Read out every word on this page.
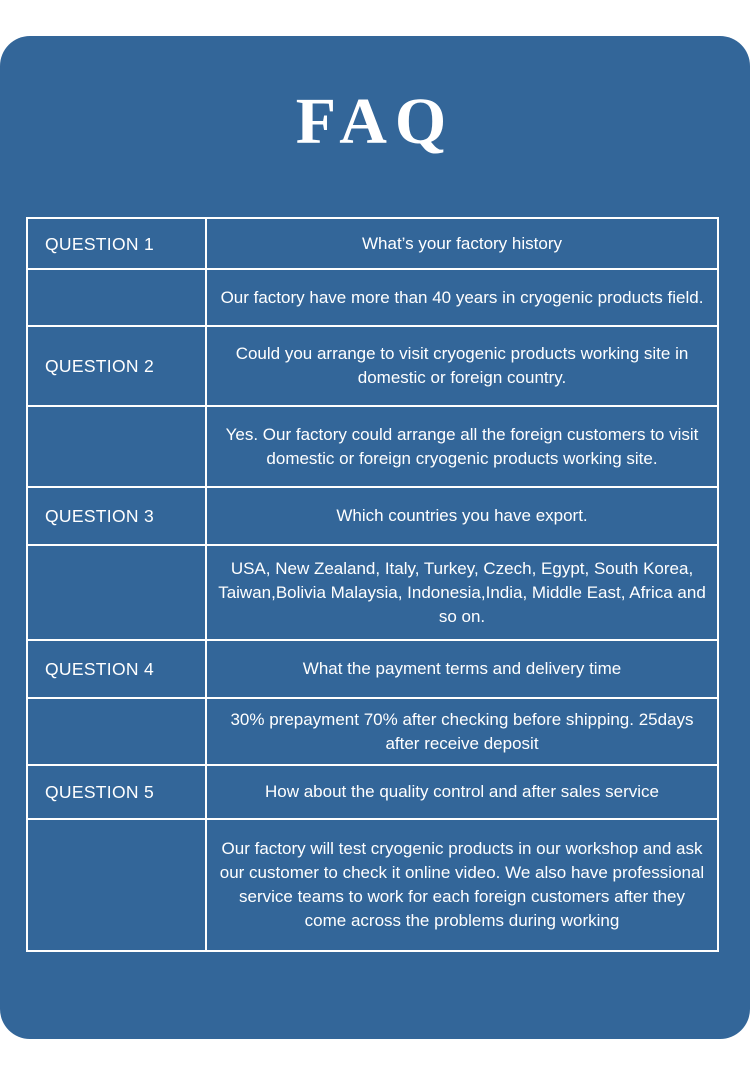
FAQ
QUESTION 1	What’s your factory history
	Our factory have more than 40 years in cryogenic products field.
QUESTION 2	Could you arrange to visit cryogenic products working site in domestic or foreign country.
	Yes. Our factory could arrange all the foreign customers to visit domestic or foreign cryogenic products working site.
QUESTION 3	Which countries you have export.
	USA, New Zealand, Italy, Turkey, Czech, Egypt, South Korea, Taiwan,Bolivia Malaysia, Indonesia,India, Middle East, Africa and so on.
QUESTION 4	What the payment terms and delivery time
	30% prepayment 70% after checking before shipping. 25days after receive deposit
QUESTION 5	How about the quality control and after sales service
	Our factory will test cryogenic products in our workshop and ask our customer to check it online video. We also have professional service teams to work for each foreign customers after they come across the problems during working
